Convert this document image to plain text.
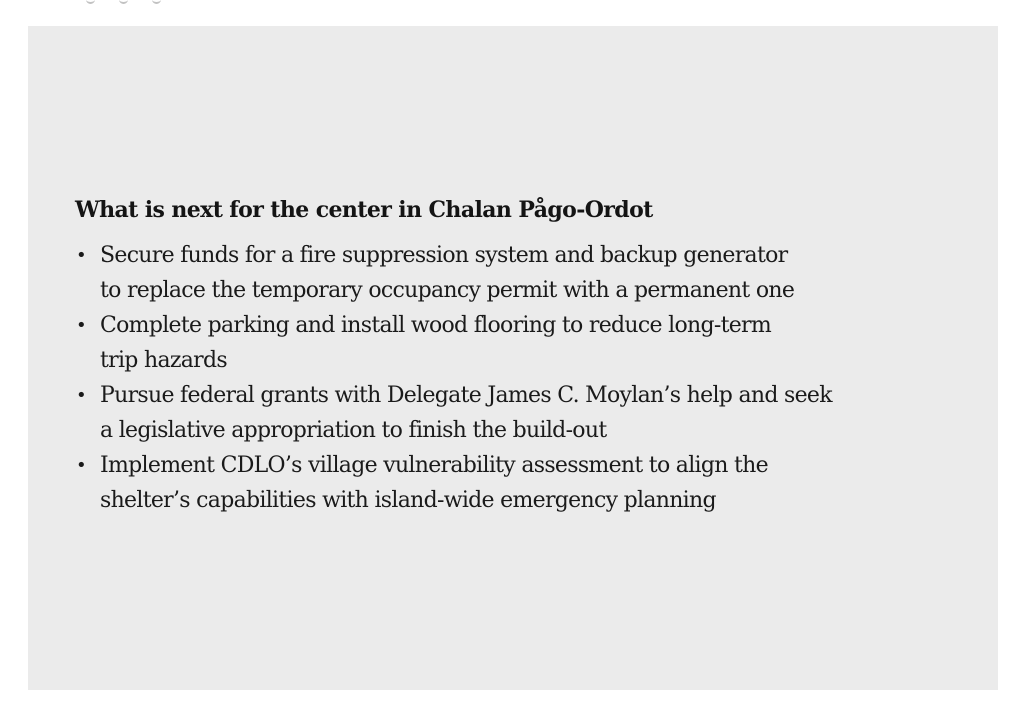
What is next for the center in Chalan Pågo-Ordot
• Secure funds for a fire suppression system and backup generator
to replace the temporary occupancy permit with a permanent one
• Complete parking and install wood flooring to reduce long-term
trip hazards
• Pursue federal grants with Delegate James C. Moylan’s help and seek
a legislative appropriation to finish the build-out
• Implement CDLO’s village vulnerability assessment to align the
shelter’s capabilities with island-wide emergency planning
